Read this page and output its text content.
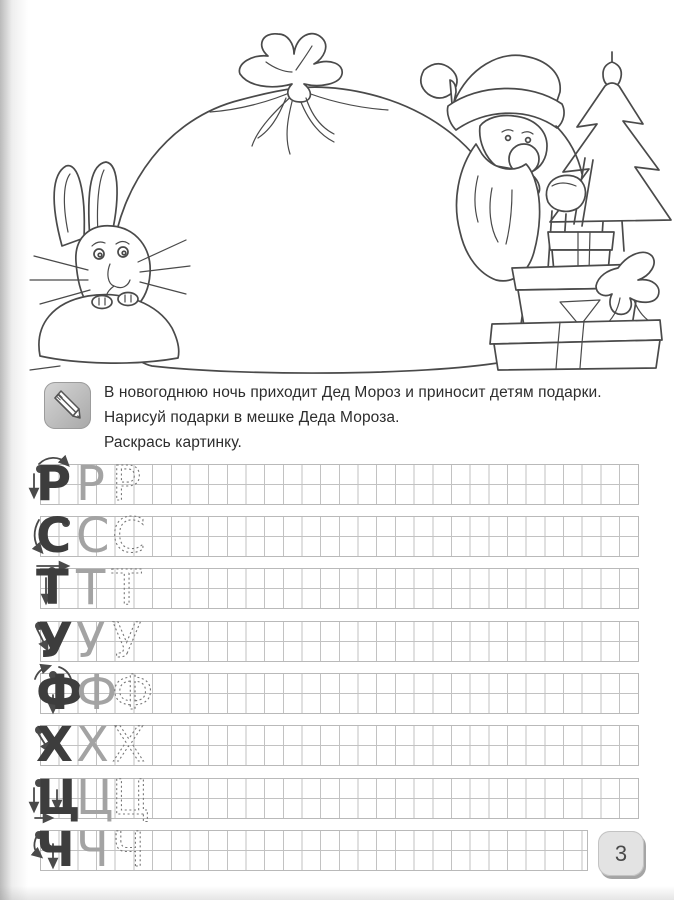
В новогоднюю ночь приходит Дед Мороз и приносит детям подарки.
Нарисуй подарки в мешке Деда Мороза.
Раскрась картинку.
Р Р Р
С С С
Т Т Т
У У У
Ф
Ф
Ф
Х Х Х
Ц
Ц
Ц
Ч Ч Ч	3
